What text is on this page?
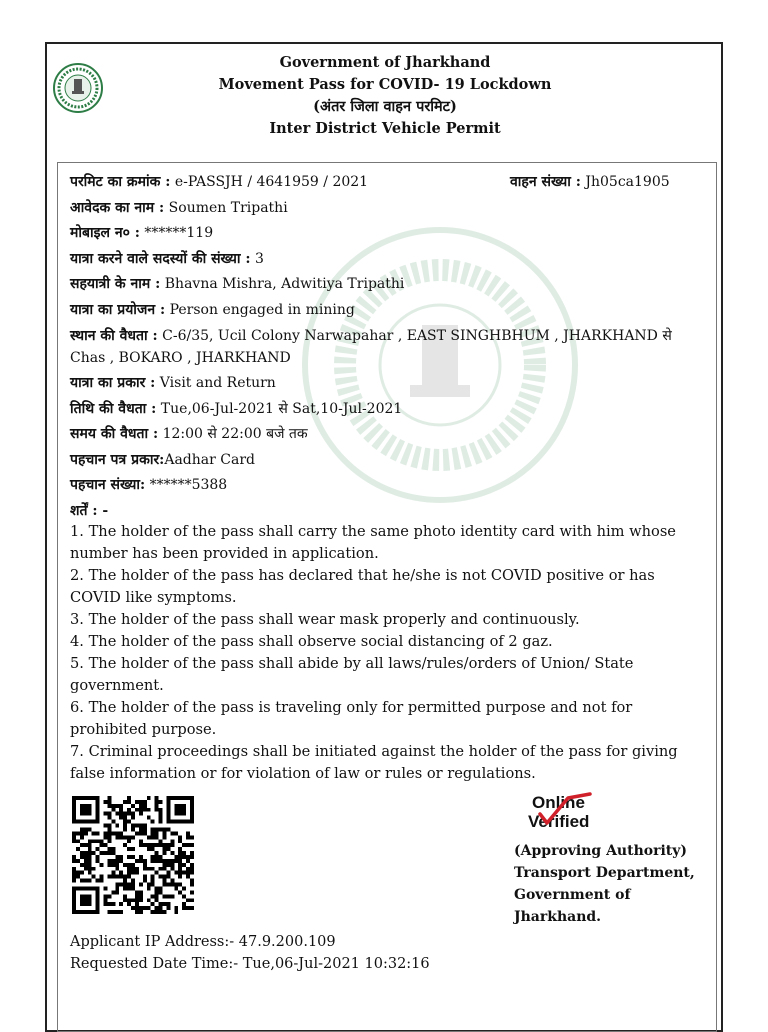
Government of Jharkhand
Movement Pass for COVID- 19 Lockdown
(अंतर जिला वाहन परमिट)
Inter District Vehicle Permit
परमिट का क्रमांक : e-PASSJH / 4641959 / 2021	वाहन संख्या : Jh05ca1905
आवेदक का नाम : Soumen Tripathi
मोबाइल न० : ******119
यात्रा करने वाले सदस्यों की संख्या : 3
सहयात्री के नाम : Bhavna Mishra, Adwitiya Tripathi
यात्रा का प्रयोजन : Person engaged in mining
स्थान की वैधता : C-6/35, Ucil Colony Narwapahar , EAST SINGHBHUM , JHARKHAND से Chas , BOKARO , JHARKHAND
यात्रा का प्रकार : Visit and Return
तिथि की वैधता : Tue,06-Jul-2021 से Sat,10-Jul-2021
समय की वैधता : 12:00 से 22:00 बजे तक
पहचान पत्र प्रकार:Aadhar Card
पहचान संख्या: ******5388
शर्तें : -
1. The holder of the pass shall carry the same photo identity card with him whose number has been provided in application.
2. The holder of the pass has declared that he/she is not COVID positive or has COVID like symptoms.
3. The holder of the pass shall wear mask properly and continuously.
4. The holder of the pass shall observe social distancing of 2 gaz.
5. The holder of the pass shall abide by all laws/rules/orders of Union/ State government.
6. The holder of the pass is traveling only for permitted purpose and not for prohibited purpose.
7. Criminal proceedings shall be initiated against the holder of the pass for giving false information or for violation of law or rules or regulations.
Online
Verified
(Approving Authority)
Transport Department,
Government of
Jharkhand.
Applicant IP Address:- 47.9.200.109
Requested Date Time:- Tue,06-Jul-2021 10:32:16
